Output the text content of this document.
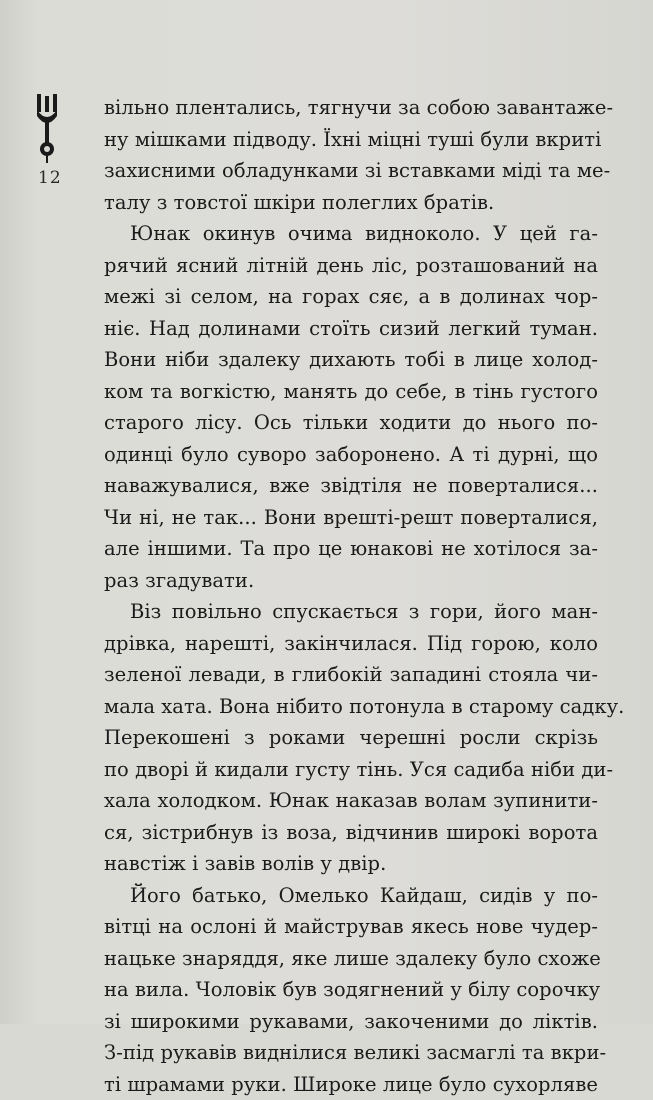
12
вільно плентались, тягнучи за собою завантаже-
ну мішками підводу. Їхні міцні туші були вкриті
захисними обладунками зі вставками міді та ме-
талу з товстої шкіри полеглих братів.
Юнак окинув очима видноколо. У цей га-
рячий ясний літній день ліс, розташований на
межі зі селом, на горах сяє, а в долинах чор-
ніє. Над долинами стоїть сизий легкий туман.
Вони ніби здалеку дихають тобі в лице холод-
ком та вогкістю, манять до себе, в тінь густого
старого лісу. Ось тільки ходити до нього по-
одинці було суворо заборонено. А ті дурні, що
наважувалися, вже звідтіля не поверталися...
Чи ні, не так... Вони врешті-решт поверталися,
але іншими. Та про це юнакові не хотілося за-
раз згадувати.
Віз повільно спускається з гори, його ман-
дрівка, нарешті, закінчилася. Під горою, коло
зеленої левади, в глибокій западині стояла чи-
мала хата. Вона нібито потонула в старому садку.
Перекошені з роками черешні росли скрізь
по дворі й кидали густу тінь. Уся садиба ніби ди-
хала холодком. Юнак наказав волам зупинити-
ся, зістрибнув із воза, відчинив широкі ворота
навстіж і завів волів у двір.
Його батько, Омелько Кайдаш, сидів у по-
вітці на ослоні й майстрував якесь нове чудер-
нацьке знаряддя, яке лише здалеку було схоже
на вила. Чоловік був зодягнений у білу сорочку
зі широкими рукавами, закоченими до ліктів.
З-під рукавів виднілися великі засмаглі та вкри-
ті шрамами руки. Широке лице було сухорляве
